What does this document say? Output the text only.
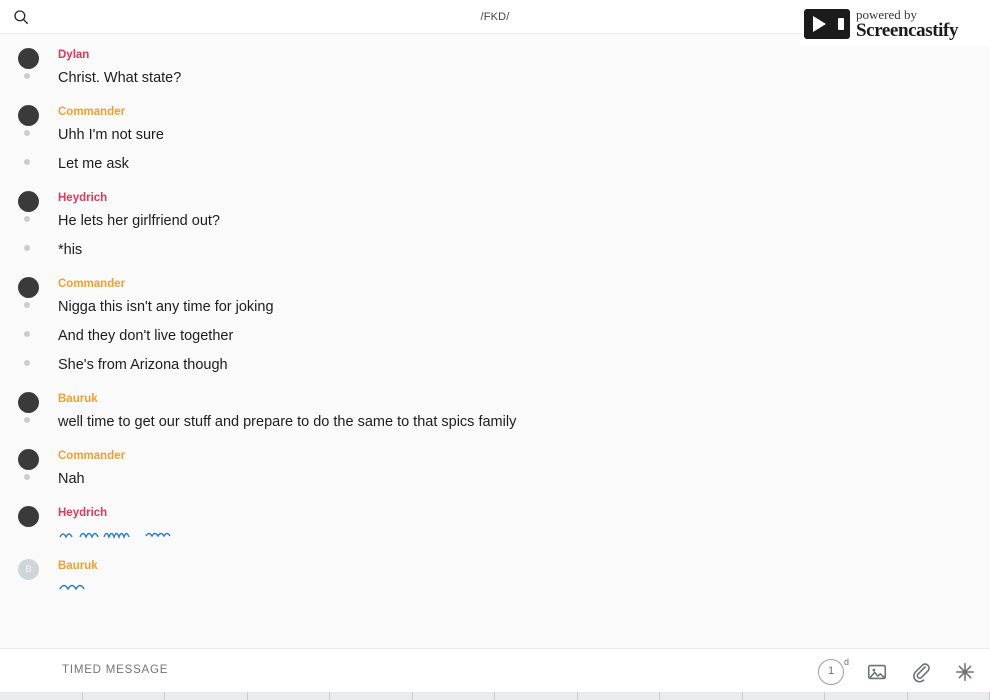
/FKD/	powered by
Screencastify
Dylan
Christ. What state?
Commander
Uhh I'm not sure
Let me ask
Heydrich
He lets her girlfriend out?
*his
Commander
Nigga this isn't any time for joking
And they don't live together
She's from Arizona though
Bauruk
well time to get our stuff and prepare to do the same to that spics family
Commander
Nah
Heydrich
B	Bauruk
TIMED MESSAGE
1
d
